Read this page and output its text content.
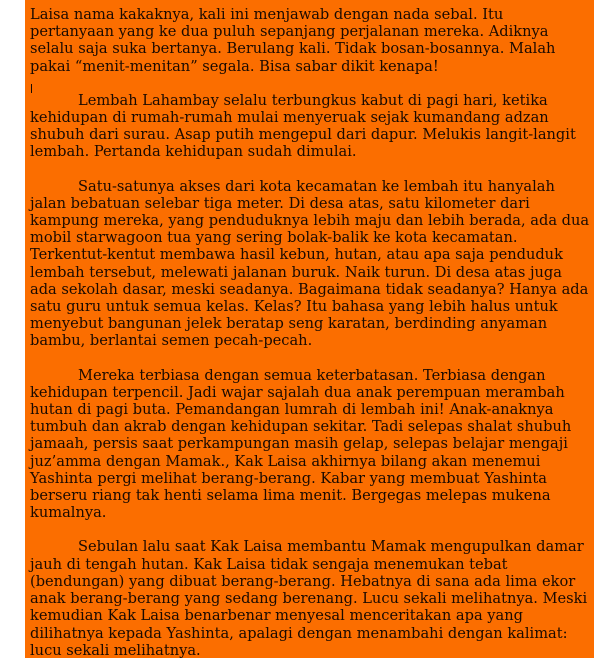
Laisa nama kakaknya, kali ini menjawab dengan nada sebal. Itu pertanyaan yang ke dua puluh sepanjang perjalanan mereka. Adiknya selalu saja suka bertanya. Berulang kali. Tidak bosan-bosannya. Malah pakai “menit-menitan” segala. Bisa sabar dikit kenapa!

Lembah Lahambay selalu terbungkus kabut di pagi hari, ketika kehidupan di rumah-rumah mulai menyeruak sejak kumandang adzan shubuh dari surau. Asap putih mengepul dari dapur. Melukis langit-langit lembah. Pertanda kehidupan sudah dimulai.

Satu-satunya akses dari kota kecamatan ke lembah itu hanyalah jalan bebatuan selebar tiga meter. Di desa atas, satu kilometer dari kampung mereka, yang penduduknya lebih maju dan lebih berada, ada dua mobil starwagoon tua yang sering bolak-balik ke kota kecamatan. Terkentut-kentut membawa hasil kebun, hutan, atau apa saja penduduk lembah tersebut, melewati jalanan buruk. Naik turun. Di desa atas juga ada sekolah dasar, meski seadanya. Bagaimana tidak seadanya? Hanya ada satu guru untuk semua kelas. Kelas? Itu bahasa yang lebih halus untuk menyebut bangunan jelek beratap seng karatan, berdinding anyaman bambu, berlantai semen pecah-pecah.

Mereka terbiasa dengan semua keterbatasan. Terbiasa dengan kehidupan terpencil. Jadi wajar sajalah dua anak perempuan merambah hutan di pagi buta. Pemandangan lumrah di lembah ini! Anak-anaknya tumbuh dan akrab dengan kehidupan sekitar. Tadi selepas shalat shubuh jamaah, persis saat perkampungan masih gelap, selepas belajar mengaji juz’amma dengan Mamak., Kak Laisa akhirnya bilang akan menemui Yashinta pergi melihat berang-berang. Kabar yang membuat Yashinta berseru riang tak henti selama lima menit. Bergegas melepas mukena kumalnya.

Sebulan lalu saat Kak Laisa membantu Mamak mengupulkan damar jauh di tengah hutan. Kak Laisa tidak sengaja menemukan tebat (bendungan) yang dibuat berang-berang. Hebatnya di sana ada lima ekor anak berang-berang yang sedang berenang. Lucu sekali melihatnya. Meski kemudian Kak Laisa benarbenar menyesal menceritakan apa yang dilihatnya kepada Yashinta, apalagi dengan menambahi dengan kalimat: lucu sekali melihatnya.
